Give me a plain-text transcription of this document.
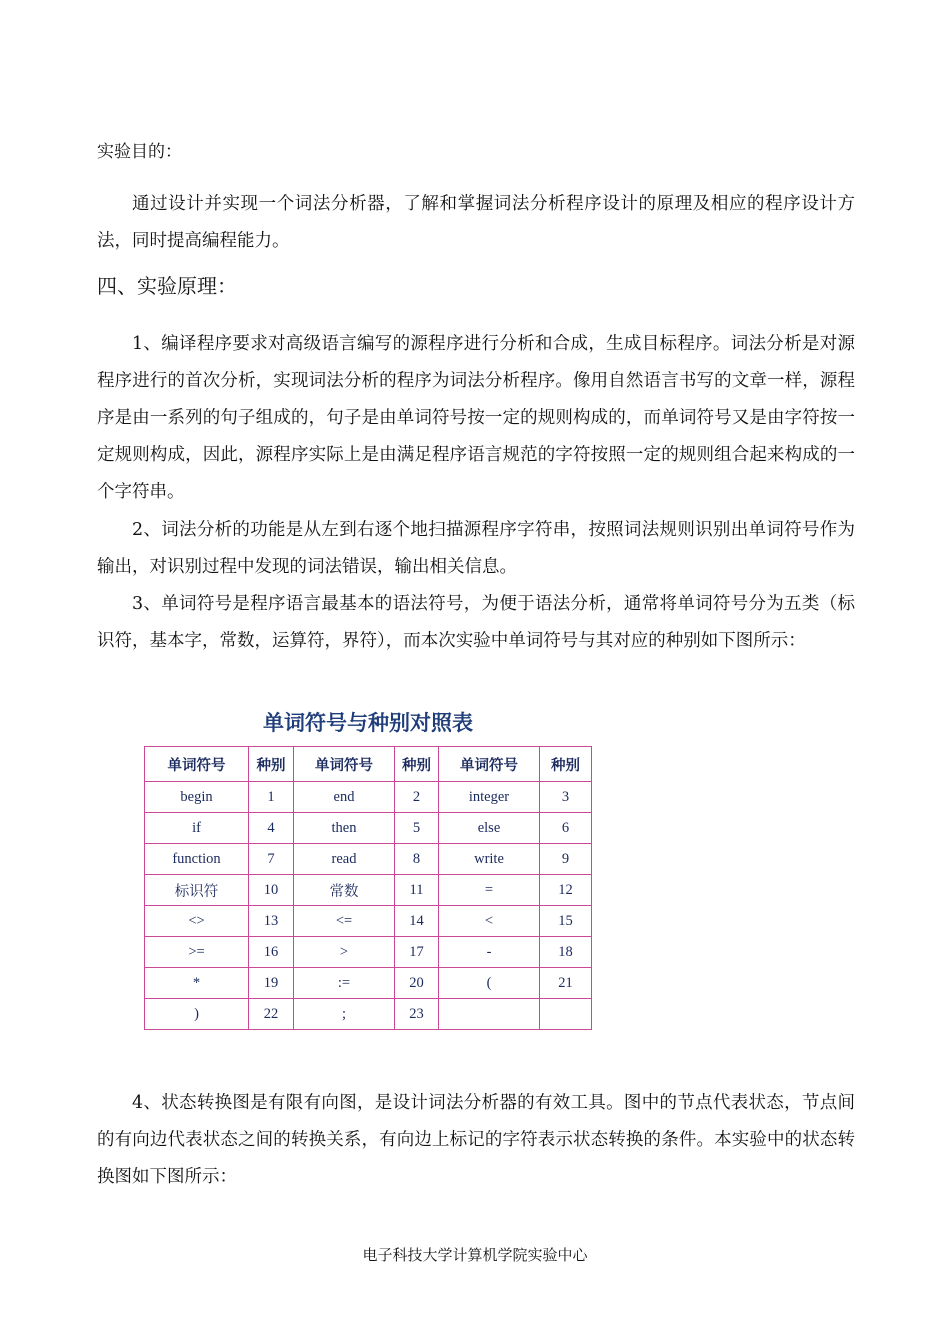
实验目的：

通过设计并实现一个词法分析器，了解和掌握词法分析程序设计的原理及相应的程序设计方法，同时提高编程能力。

四、实验原理：

1、编译程序要求对高级语言编写的源程序进行分析和合成，生成目标程序。词法分析是对源程序进行的首次分析，实现词法分析的程序为词法分析程序。像用自然语言书写的文章一样，源程序是由一系列的句子组成的，句子是由单词符号按一定的规则构成的，而单词符号又是由字符按一定规则构成，因此，源程序实际上是由满足程序语言规范的字符按照一定的规则组合起来构成的一个字符串。

2、词法分析的功能是从左到右逐个地扫描源程序字符串，按照词法规则识别出单词符号作为输出，对识别过程中发现的词法错误，输出相关信息。

3、单词符号是程序语言最基本的语法符号，为便于语法分析，通常将单词符号分为五类（标识符，基本字，常数，运算符，界符），而本次实验中单词符号与其对应的种别如下图所示：

单词符号与种别对照表
单词符号	种别	单词符号	种别	单词符号	种别
begin	1	end	2	integer	3
if	4	then	5	else	6
function	7	read	8	write	9
标识符	10	常数	11	=	12
<>	13	<=	14	<	15
>=	16	>	17	-	18
*	19	:=	20	(	21
)	22	;	23		

4、状态转换图是有限有向图，是设计词法分析器的有效工具。图中的节点代表状态，节点间的有向边代表状态之间的转换关系，有向边上标记的字符表示状态转换的条件。本实验中的状态转换图如下图所示：

电子科技大学计算机学院实验中心
